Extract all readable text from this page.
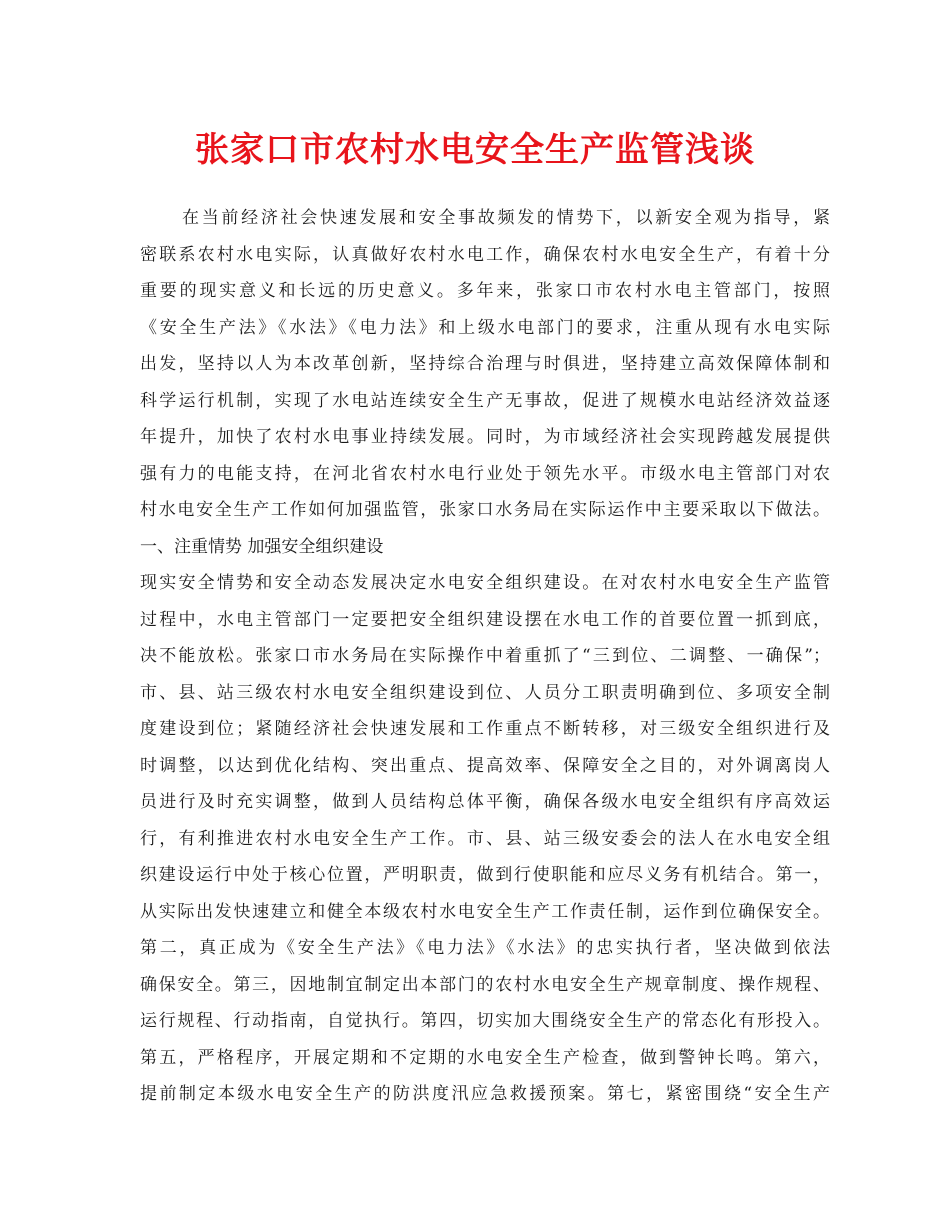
张家口市农村水电安全生产监管浅谈
在当前经济社会快速发展和安全事故频发的情势下，以新安全观为指导，紧
密联系农村水电实际，认真做好农村水电工作，确保农村水电安全生产，有着十分
重要的现实意义和长远的历史意义。多年来，张家口市农村水电主管部门，按照
《安全生产法》《水法》《电力法》和上级水电部门的要求，注重从现有水电实际
出发，坚持以人为本改革创新，坚持综合治理与时俱进，坚持建立高效保障体制和
科学运行机制，实现了水电站连续安全生产无事故，促进了规模水电站经济效益逐
年提升，加快了农村水电事业持续发展。同时，为市域经济社会实现跨越发展提供
强有力的电能支持，在河北省农村水电行业处于领先水平。市级水电主管部门对农
村水电安全生产工作如何加强监管，张家口水务局在实际运作中主要采取以下做法。
一、注重情势 加强安全组织建设
现实安全情势和安全动态发展决定水电安全组织建设。在对农村水电安全生产监管
过程中，水电主管部门一定要把安全组织建设摆在水电工作的首要位置一抓到底，
决不能放松。张家口市水务局在实际操作中着重抓了“三到位、二调整、一确保”；
市、县、站三级农村水电安全组织建设到位、人员分工职责明确到位、多项安全制
度建设到位；紧随经济社会快速发展和工作重点不断转移，对三级安全组织进行及
时调整，以达到优化结构、突出重点、提高效率、保障安全之目的，对外调离岗人
员进行及时充实调整，做到人员结构总体平衡，确保各级水电安全组织有序高效运
行，有利推进农村水电安全生产工作。市、县、站三级安委会的法人在水电安全组
织建设运行中处于核心位置，严明职责，做到行使职能和应尽义务有机结合。第一，
从实际出发快速建立和健全本级农村水电安全生产工作责任制，运作到位确保安全。
第二，真正成为《安全生产法》《电力法》《水法》的忠实执行者，坚决做到依法
确保安全。第三，因地制宜制定出本部门的农村水电安全生产规章制度、操作规程、
运行规程、行动指南，自觉执行。第四，切实加大围绕安全生产的常态化有形投入。
第五，严格程序，开展定期和不定期的水电安全生产检查，做到警钟长鸣。第六，
提前制定本级水电安全生产的防洪度汛应急救援预案。第七，紧密围绕“安全生产
